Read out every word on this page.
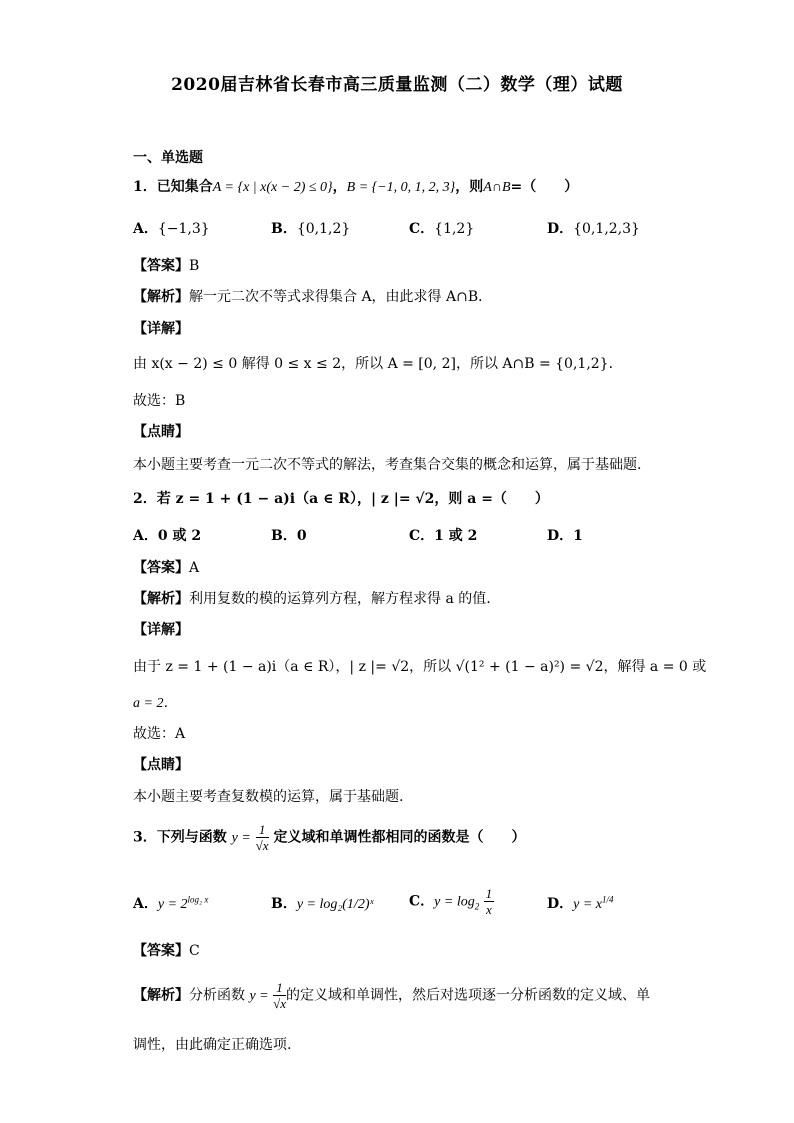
2020届吉林省长春市高三质量监测（二）数学（理）试题
一、单选题
1．已知集合A = {x | x(x − 2) ≤ 0}，B = {−1, 0, 1, 2, 3}，则A∩B=（　　）
A．{−1,3}	B．{0,1,2}	C．{1,2}	D．{0,1,2,3}
【答案】B
【解析】解一元二次不等式求得集合 A，由此求得 A∩B．
【详解】
由 x(x − 2) ≤ 0 解得 0 ≤ x ≤ 2，所以 A = [0, 2]，所以 A∩B = {0,1,2}．
故选：B
【点睛】
本小题主要考查一元二次不等式的解法，考查集合交集的概念和运算，属于基础题.
2．若 z = 1 + (1 − a)i（a ∈ R），| z |= √2，则 a =（　　）
A．0 或 2	B．0	C．1 或 2	D．1
【答案】A
【解析】利用复数的模的运算列方程，解方程求得 a 的值.
【详解】
由于 z = 1 + (1 − a)i（a ∈ R），| z |= √2，所以 √(1² + (1 − a)²) = √2，解得 a = 0 或
a = 2．
故选：A
【点睛】
本小题主要考查复数模的运算，属于基础题.
3．下列与函数 $y = \frac{1}{√x}$ 定义域和单调性都相同的函数是（　　）
A．$y = 2^{log_2 x}$	B．y = log₂(1/2)ˣ	C．$y = \log_2 \frac{1}{x}$	D．$y = x^{1/4}$
【答案】C
【解析】分析函数 $y = \frac{1}{√x}$ 的定义域和单调性，然后对选项逐一分析函数的定义域、单
调性，由此确定正确选项.
